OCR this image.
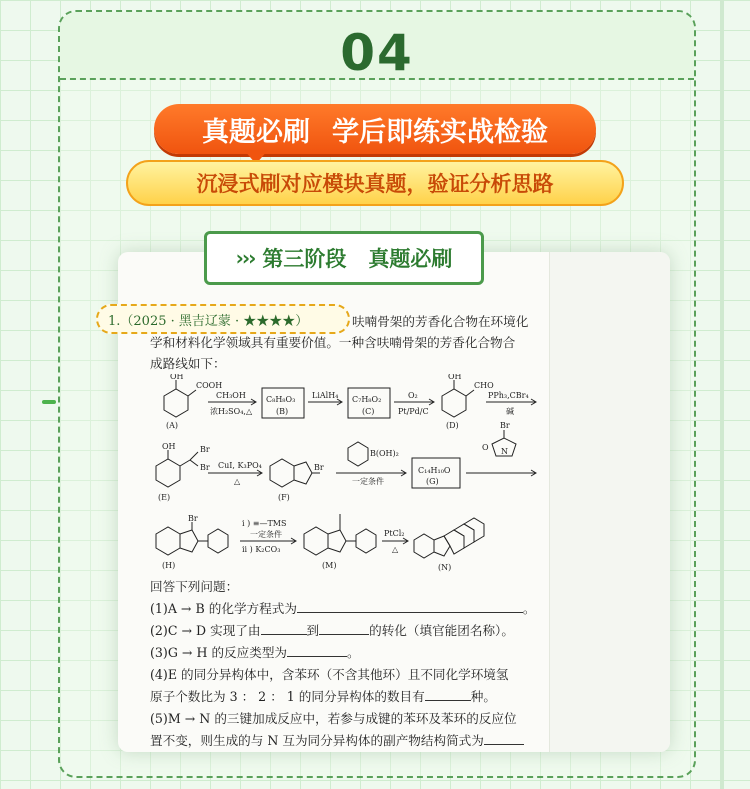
04
真题必刷 学后即练实战检验
沉浸式刷对应模块真题，验证分析思路
››› 第三阶段 真题必刷
呋喃骨架的芳香化合物在环境化
1.（2025 · 黑吉辽蒙 · ★★★★）
学和材料化学领域具有重要价值。一种含呋喃骨架的芳香化合物合
成路线如下：
OH
COOH
(A)
CH₃OH
浓H₂SO₄,△
C₈H₈O₃
(B)
LiAlH₄ C₇H₈O₂
(C)
O₂
Pt/Pd/C
OH
CHO
(D)
PPh₃,CBr₄
碱
OH	Br
Br
(E)
CuI, K₃PO₄
△
Br
(F)
B(OH)₂
一定条件
C₁₄H₁₀O
(G)
Br
N
O
Br
(H)
i ) ≡—TMS
一定条件
ii ) K₂CO₃
(M)
PtCl₂
△
(N)
回答下列问题：
(1)A → B 的化学方程式为	。
(2)C → D 实现了由	到	的转化（填官能团名称）。
(3)G → H 的反应类型为	。
(4)E 的同分异构体中，含苯环（不含其他环）且不同化学环境氢
原子个数比为 3 ： 2 ： 1 的同分异构体的数目有	种。
(5)M → N 的三键加成反应中，若参与成键的苯环及苯环的反应位
置不变，则生成的与 N 互为同分异构体的副产物结构简式为
